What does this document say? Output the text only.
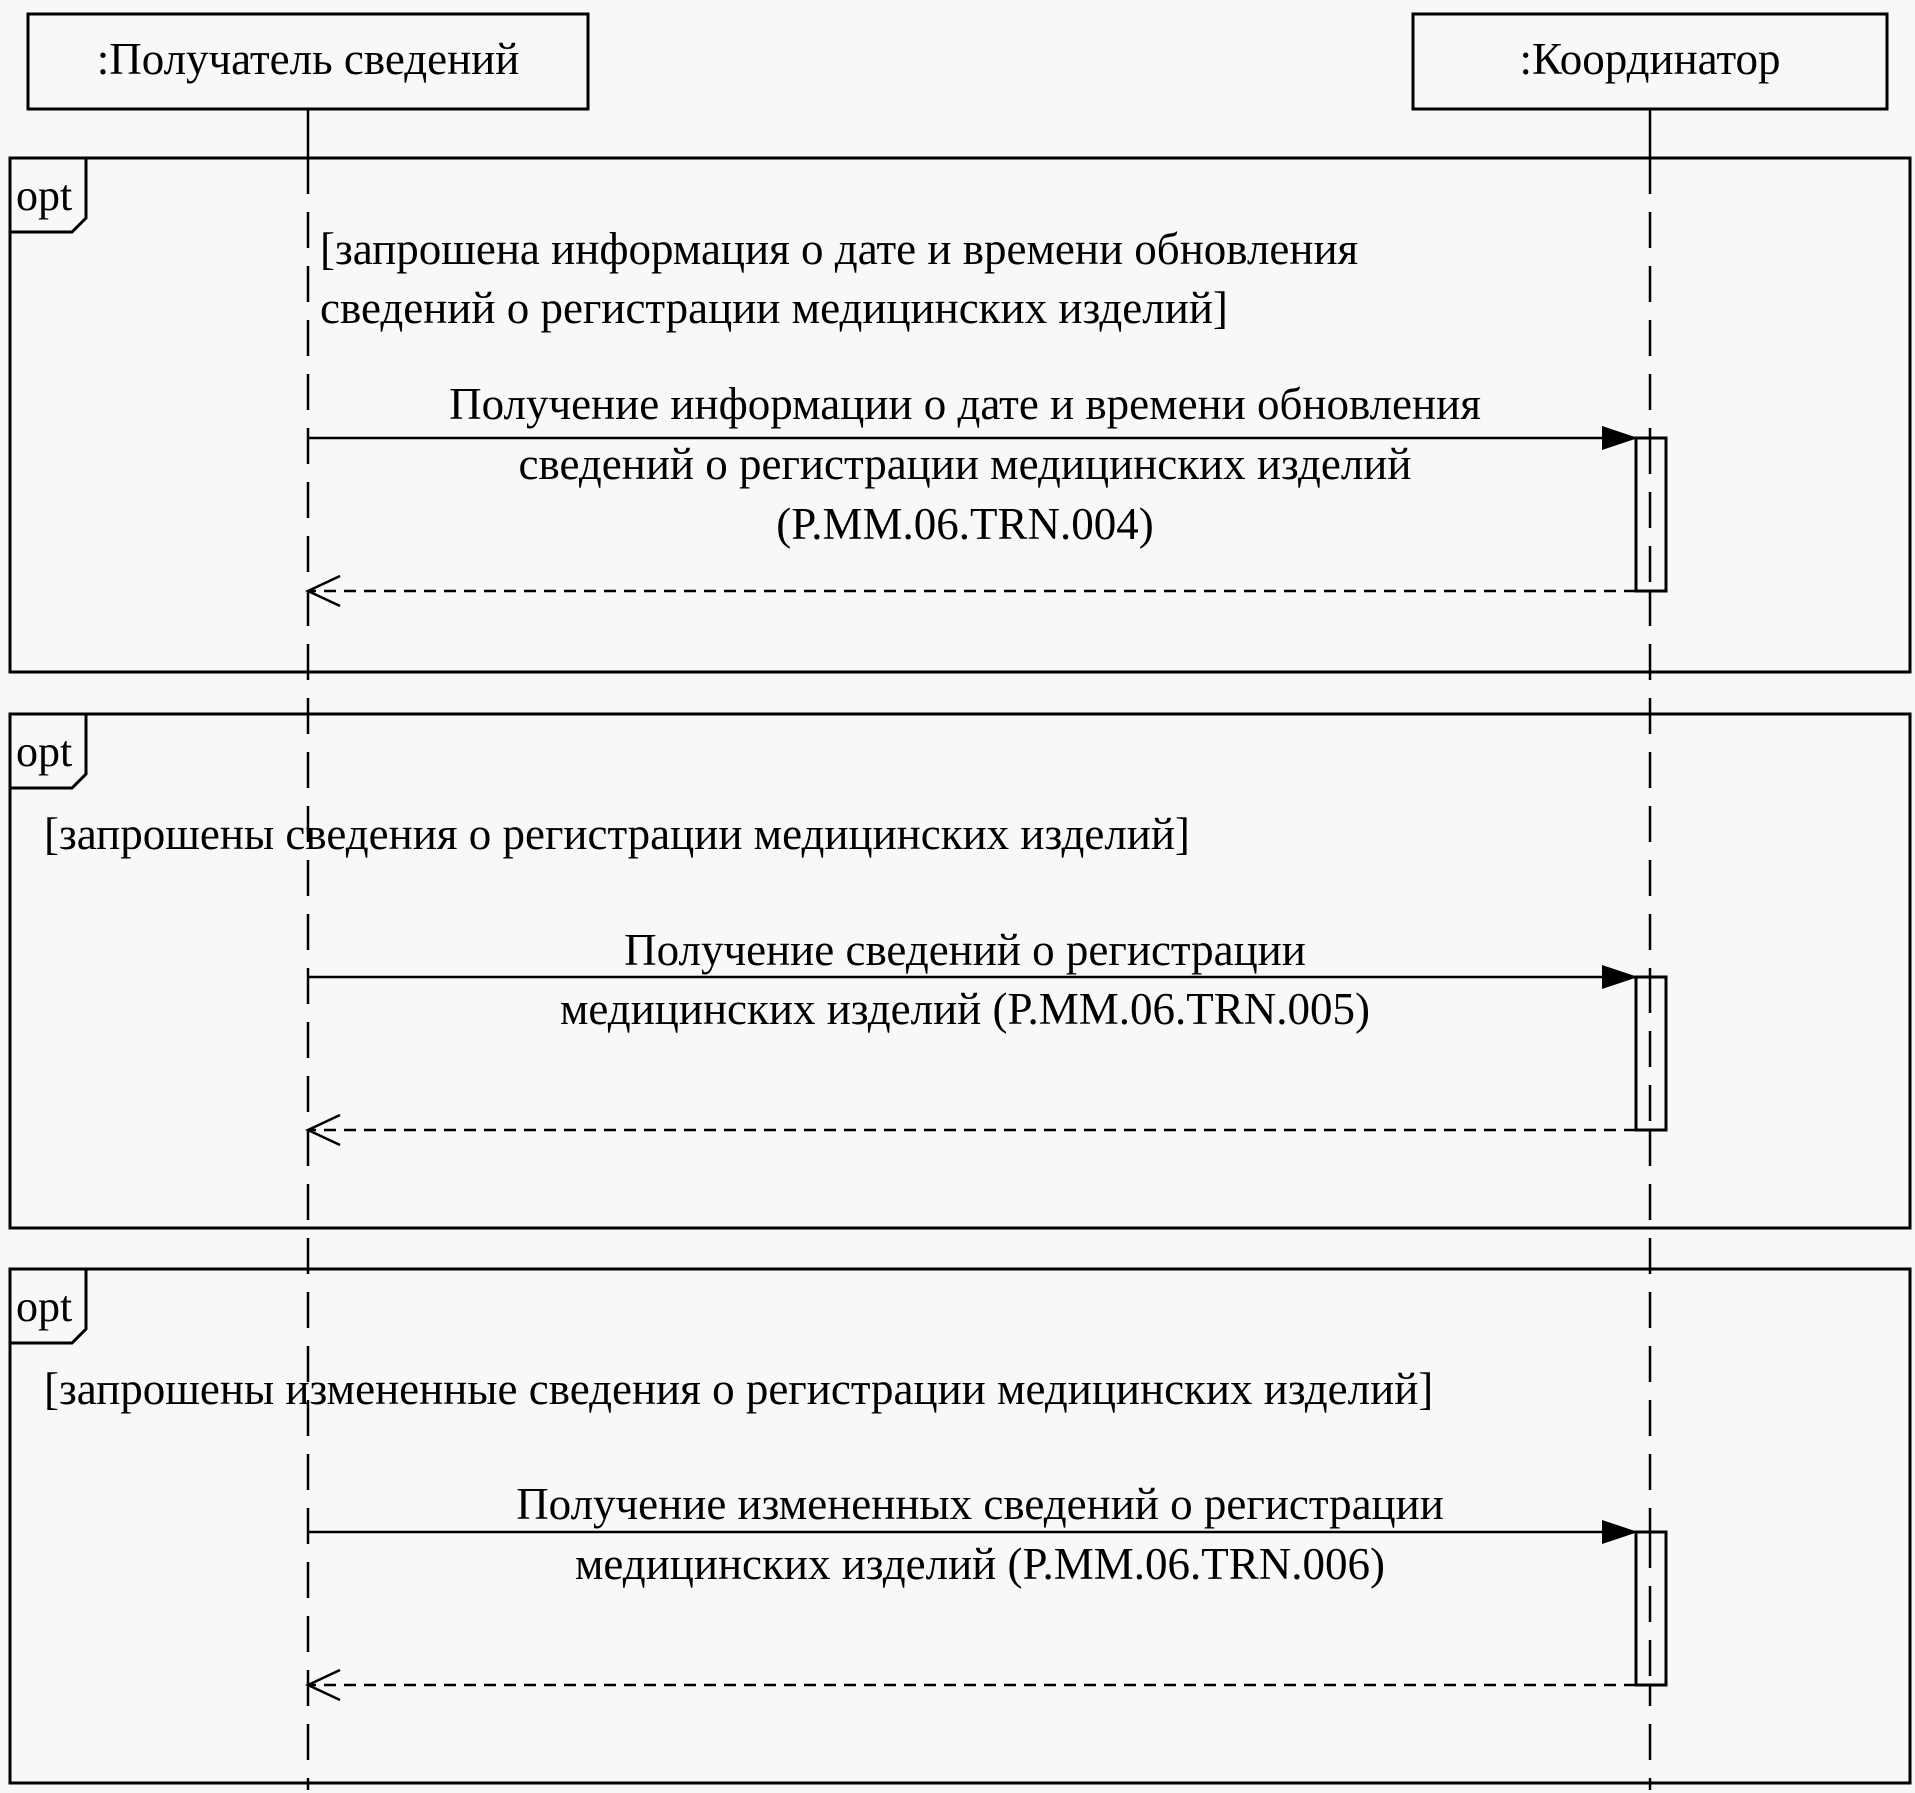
:Получатель сведений	:Координатор
opt
[запрошена информация о дате и времени обновления
сведений о регистрации медицинских изделий]
Получение информации о дате и времени обновления
сведений о регистрации медицинских изделий
(P.MM.06.TRN.004)
opt
[запрошены сведения о регистрации медицинских изделий]
Получение сведений о регистрации
медицинских изделий (P.MM.06.TRN.005)
opt
[запрошены измененные сведения о регистрации медицинских изделий]
Получение измененных сведений о регистрации
медицинских изделий (P.MM.06.TRN.006)
